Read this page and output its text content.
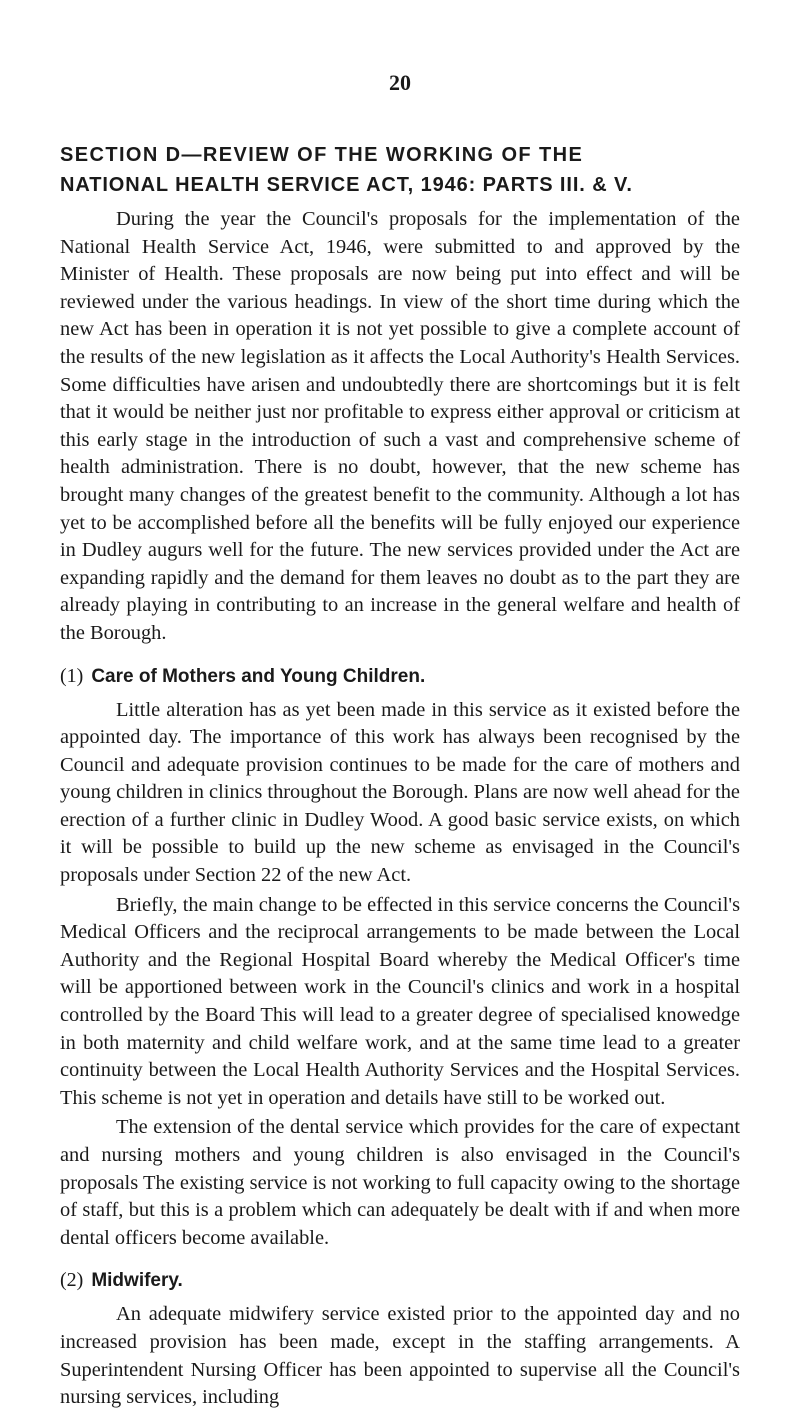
20
SECTION D—REVIEW OF THE WORKING OF THE
NATIONAL HEALTH SERVICE ACT, 1946: PARTS III. & V.

During the year the Council's proposals for the implementation of the National Health Service Act, 1946, were submitted to and approved by the Minister of Health. These proposals are now being put into effect and will be reviewed under the various headings. In view of the short time during which the new Act has been in operation it is not yet possible to give a complete account of the results of the new legislation as it affects the Local Authority's Health Services. Some difficulties have arisen and undoubtedly there are shortcomings but it is felt that it would be neither just nor profitable to express either approval or criticism at this early stage in the introduction of such a vast and comprehensive scheme of health administration. There is no doubt, however, that the new scheme has brought many changes of the greatest benefit to the community. Although a lot has yet to be accomplished before all the benefits will be fully enjoyed our experience in Dudley augurs well for the future. The new services provided under the Act are expanding rapidly and the demand for them leaves no doubt as to the part they are already playing in contributing to an increase in the general welfare and health of the Borough.

(1) Care of Mothers and Young Children.

Little alteration has as yet been made in this service as it existed before the appointed day. The importance of this work has always been recognised by the Council and adequate provision continues to be made for the care of mothers and young children in clinics throughout the Borough. Plans are now well ahead for the erection of a further clinic in Dudley Wood. A good basic service exists, on which it will be possible to build up the new scheme as envisaged in the Council's proposals under Section 22 of the new Act.

Briefly, the main change to be effected in this service concerns the Council's Medical Officers and the reciprocal arrangements to be made between the Local Authority and the Regional Hospital Board whereby the Medical Officer's time will be apportioned between work in the Council's clinics and work in a hospital controlled by the Board This will lead to a greater degree of specialised knowedge in both maternity and child welfare work, and at the same time lead to a greater continuity between the Local Health Authority Services and the Hospital Services. This scheme is not yet in operation and details have still to be worked out.

The extension of the dental service which provides for the care of expectant and nursing mothers and young children is also envisaged in the Council's proposals The existing service is not working to full capacity owing to the shortage of staff, but this is a problem which can adequately be dealt with if and when more dental officers become available.

(2) Midwifery.

An adequate midwifery service existed prior to the appointed day and no increased provision has been made, except in the staffing arrangements. A Superintendent Nursing Officer has been appointed to supervise all the Council's nursing services, including
